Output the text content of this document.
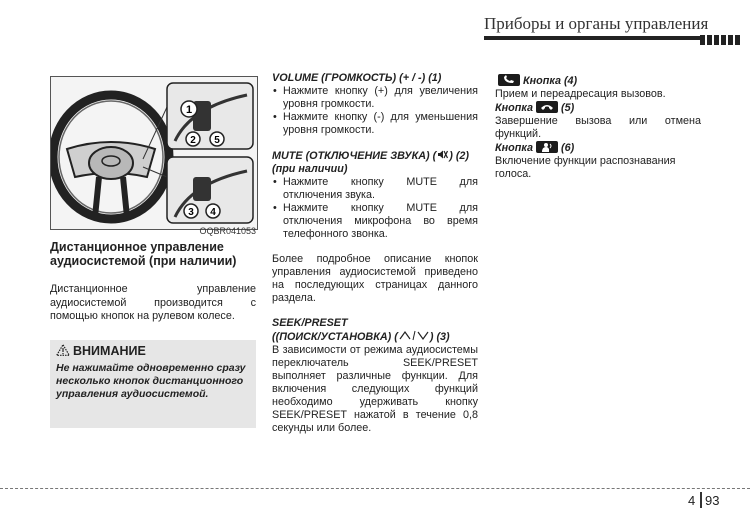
Приборы и органы управления
1
2 5
3 4
OQBR041053
Дистанционное управление аудиосистемой (при наличии)
Дистанционное управление аудиосистемой производится с помощью кнопок на рулевом колесе.
ВНИМАНИЕ
Не нажимайте одновременно сразу несколько кнопок дистанционного управления аудиосистемой.
VOLUME (ГРОМКОСТЬ) (+ / -) (1)
• Нажмите кнопку (+) для увеличения уровня громкости.
• Нажмите кнопку (-) для уменьшения уровня громкости.
MUTE (ОТКЛЮЧЕНИЕ ЗВУКА) ( ) (2) (при наличии)
• Нажмите кнопку MUTE для отключения звука.
• Нажмите кнопку MUTE для отключения микрофона во время телефонного звонка.
Более подробное описание кнопок управления аудиосистемой приведено на последующих страницах данного раздела.
SEEK/PRESET
((ПОИСК/УСТАНОВКА) (	) (3)
В зависимости от режима аудиосистемы переключатель SEEK/PRESET выполняет различные функции. Для включения следующих функций необходимо удерживать кнопку SEEK/PRESET нажатой в течение 0,8 секунды или более.
Кнопка (4)
Прием и переадресация вызовов.
Кнопка	(5)
Завершение вызова или отмена функций.
Кнопка	(6)
Включение функции распознавания голоса.
4 93
